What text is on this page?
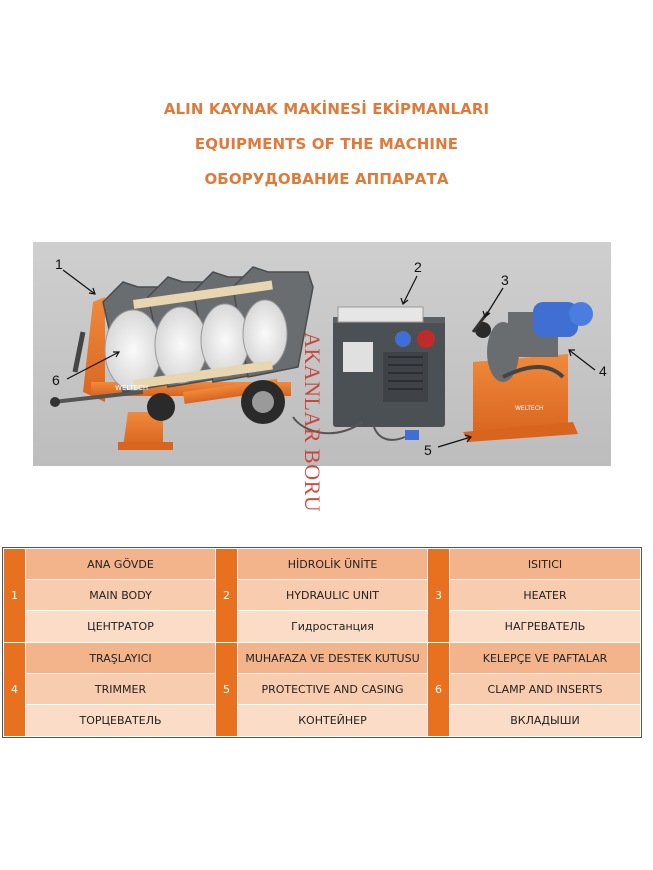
ALIN KAYNAK MAKİNESİ EKİPMANLARI
EQUIPMENTS OF THE MACHINE
ОБОРУДОВАНИЕ АППАРАТА
WELTECH
WELTECH
1	2
3
4
5
6	AKANLAR BORU
1	ANA GÖVDE	2	HİDROLİK ÜNİTE	3	ISITICI
	MAIN BODY		HYDRAULIC UNIT		HEATER
	ЦЕНТРАТОР		Гидростанция		НАГРЕВАТЕЛЬ
4	TRAŞLAYICI	5	MUHAFAZA VE DESTEK KUTUSU	6	KELEPÇE VE PAFTALAR
	TRIMMER		PROTECTIVE AND CASING		CLAMP AND INSERTS
	ТОРЦЕВАТЕЛЬ		КОНТЕЙНЕР		ВКЛАДЫШИ
